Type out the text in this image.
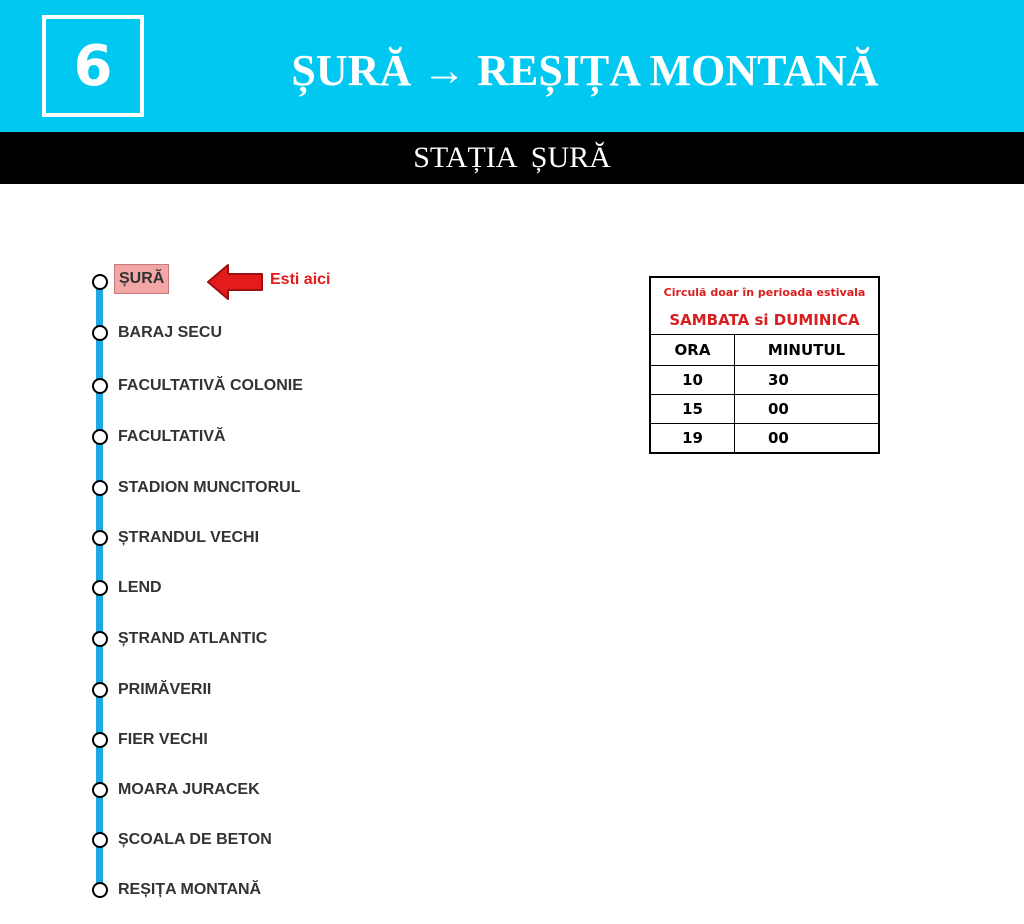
6	ȘURĂ → REȘIȚA MONTANĂ
STAȚIA  ȘURĂ
ȘURĂ
BARAJ SECU
FACULTATIVĂ COLONIE
FACULTATIVĂ
STADION MUNCITORUL
ȘTRANDUL VECHI
LEND
ȘTRAND ATLANTIC
PRIMĂVERII
FIER VECHI
MOARA JURACEK
ȘCOALA DE BETON
REȘIȚA MONTANĂ
Esti aici
Circulă doar în perioada estivala	
SAMBATA si DUMINICA	
ORA	MINUTUL
10	30
15	00
19	00
